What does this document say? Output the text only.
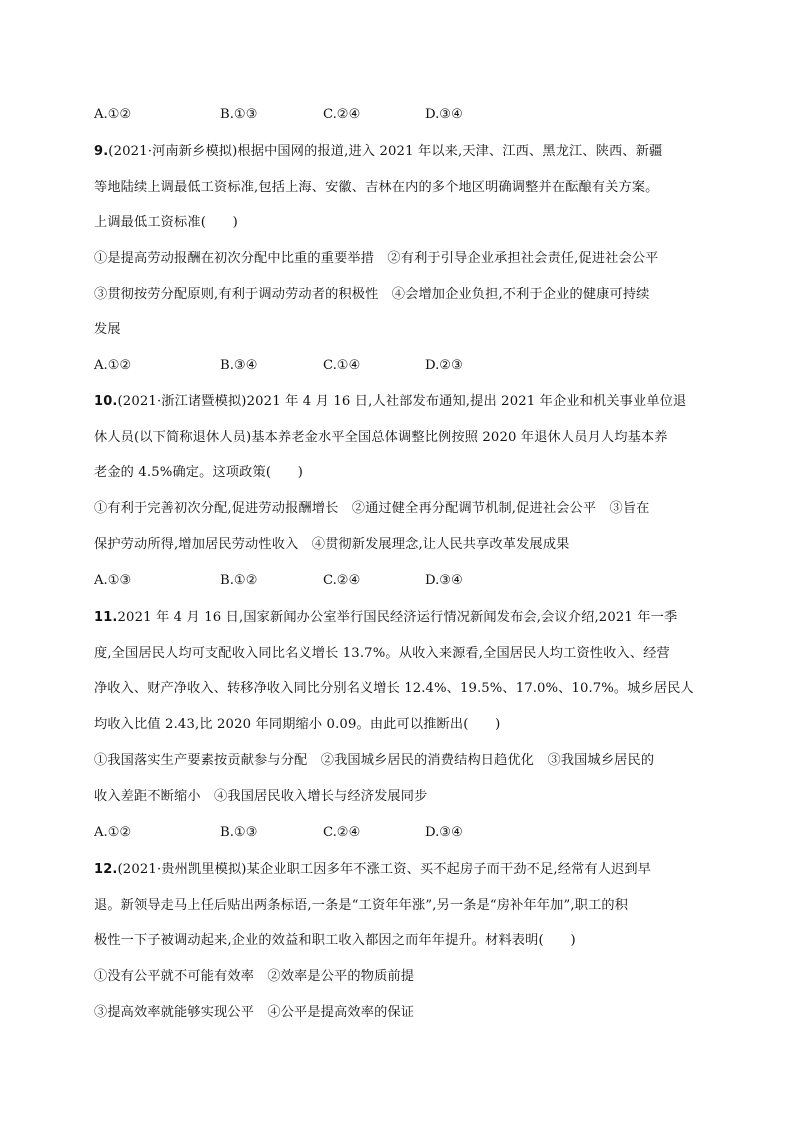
A.①②	B.①③	C.②④	D.③④
9.(2021·河南新乡模拟)根据中国网的报道,进入 2021 年以来,天津、江西、黑龙江、陕西、新疆
等地陆续上调最低工资标准,包括上海、安徽、吉林在内的多个地区明确调整并在酝酿有关方案。
上调最低工资标准(　　)
①是提高劳动报酬在初次分配中比重的重要举措　②有利于引导企业承担社会责任,促进社会公平
③贯彻按劳分配原则,有利于调动劳动者的积极性　④会增加企业负担,不利于企业的健康可持续
发展
A.①②	B.③④	C.①④	D.②③
10.(2021·浙江诸暨模拟)2021 年 4 月 16 日,人社部发布通知,提出 2021 年企业和机关事业单位退
休人员(以下简称退休人员)基本养老金水平全国总体调整比例按照 2020 年退休人员月人均基本养
老金的 4.5%确定。这项政策(　　)
①有利于完善初次分配,促进劳动报酬增长　②通过健全再分配调节机制,促进社会公平　③旨在
保护劳动所得,增加居民劳动性收入　④贯彻新发展理念,让人民共享改革发展成果
A.①③	B.①②	C.②④	D.③④
11.2021 年 4 月 16 日,国家新闻办公室举行国民经济运行情况新闻发布会,会议介绍,2021 年一季
度,全国居民人均可支配收入同比名义增长 13.7%。从收入来源看,全国居民人均工资性收入、经营
净收入、财产净收入、转移净收入同比分别名义增长 12.4%、19.5%、17.0%、10.7%。城乡居民人
均收入比值 2.43,比 2020 年同期缩小 0.09。由此可以推断出(　　)
①我国落实生产要素按贡献参与分配　②我国城乡居民的消费结构日趋优化　③我国城乡居民的
收入差距不断缩小　④我国居民收入增长与经济发展同步
A.①②	B.①③	C.②④	D.③④
12.(2021·贵州凯里模拟)某企业职工因多年不涨工资、买不起房子而干劲不足,经常有人迟到早
退。新领导走马上任后贴出两条标语,一条是“工资年年涨”,另一条是“房补年年加”,职工的积
极性一下子被调动起来,企业的效益和职工收入都因之而年年提升。材料表明(　　)
①没有公平就不可能有效率　②效率是公平的物质前提
③提高效率就能够实现公平　④公平是提高效率的保证
